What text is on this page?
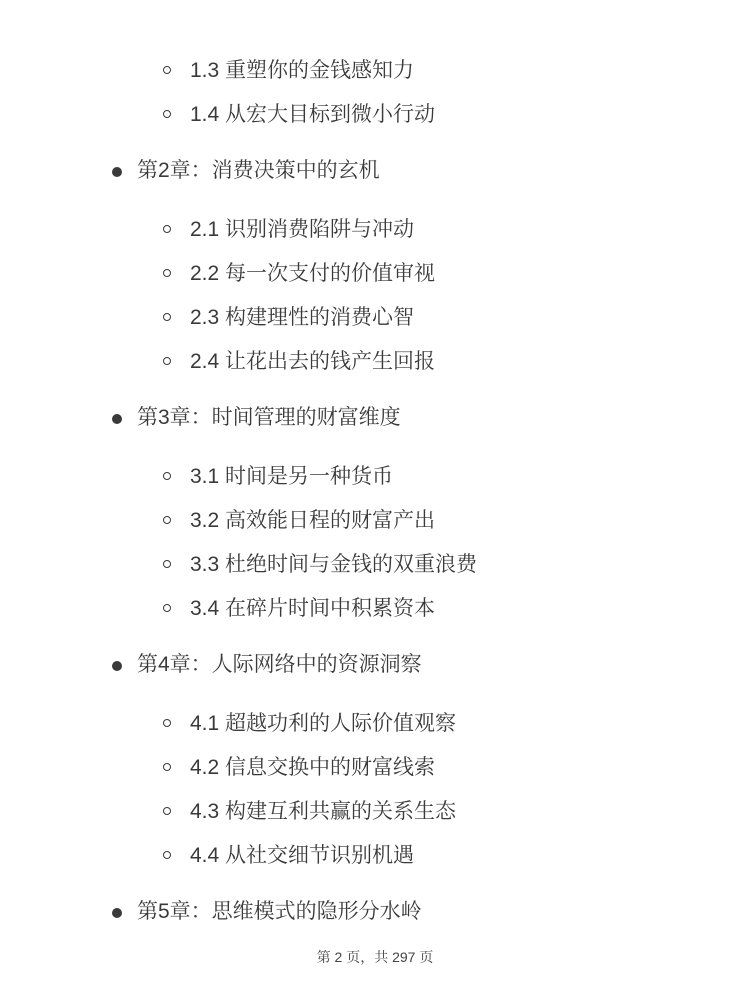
1.3 重塑你的金钱感知力
1.4 从宏大目标到微小行动
第2章：消费决策中的玄机
2.1 识别消费陷阱与冲动
2.2 每一次支付的价值审视
2.3 构建理性的消费心智
2.4 让花出去的钱产生回报
第3章：时间管理的财富维度
3.1 时间是另一种货币
3.2 高效能日程的财富产出
3.3 杜绝时间与金钱的双重浪费
3.4 在碎片时间中积累资本
第4章：人际网络中的资源洞察
4.1 超越功利的人际价值观察
4.2 信息交换中的财富线索
4.3 构建互利共赢的关系生态
4.4 从社交细节识别机遇
第5章：思维模式的隐形分水岭
第 2 页，共 297 页
